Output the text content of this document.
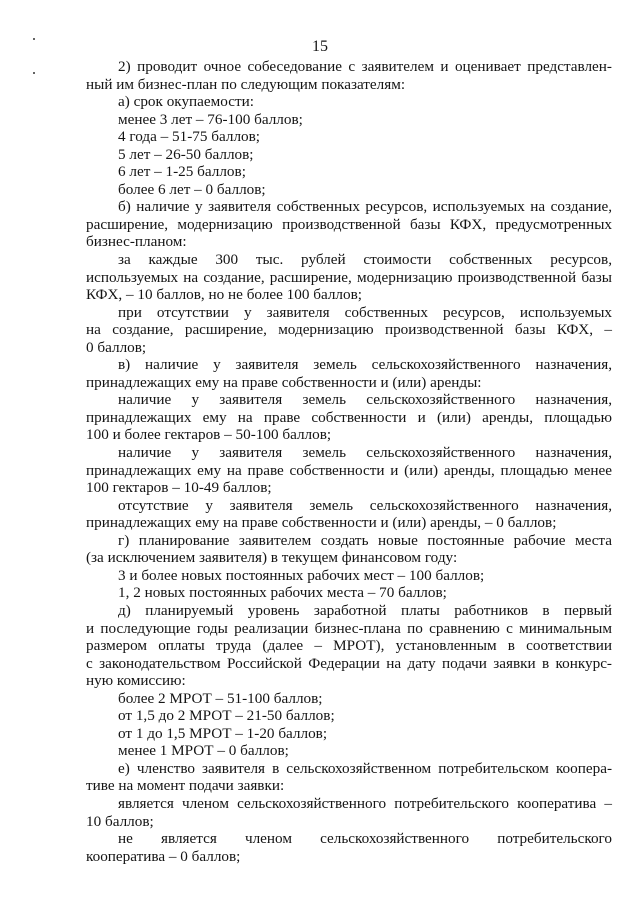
15
2) проводит очное собеседование с заявителем и оценивает представлен-
ный им бизнес-план по следующим показателям:
а) срок окупаемости:
менее 3 лет – 76-100 баллов;
4 года – 51-75 баллов;
5 лет – 26-50 баллов;
6 лет – 1-25 баллов;
более 6 лет – 0 баллов;
б) наличие у заявителя собственных ресурсов, используемых на создание,
расширение, модернизацию производственной базы КФХ, предусмотренных
бизнес-планом:
за каждые 300 тыс. рублей стоимости собственных ресурсов,
используемых на создание, расширение, модернизацию производственной базы
КФХ, – 10 баллов, но не более 100 баллов;
при отсутствии у заявителя собственных ресурсов, используемых
на создание, расширение, модернизацию производственной базы КФХ, –
0 баллов;
в) наличие у заявителя земель сельскохозяйственного назначения,
принадлежащих ему на праве собственности и (или) аренды:
наличие у заявителя земель сельскохозяйственного назначения,
принадлежащих ему на праве собственности и (или) аренды, площадью
100 и более гектаров – 50-100 баллов;
наличие у заявителя земель сельскохозяйственного назначения,
принадлежащих ему на праве собственности и (или) аренды, площадью менее
100 гектаров – 10-49 баллов;
отсутствие у заявителя земель сельскохозяйственного назначения,
принадлежащих ему на праве собственности и (или) аренды, – 0 баллов;
г) планирование заявителем создать новые постоянные рабочие места
(за исключением заявителя) в текущем финансовом году:
3 и более новых постоянных рабочих мест – 100 баллов;
1, 2 новых постоянных рабочих места – 70 баллов;
д) планируемый уровень заработной платы работников в первый
и последующие годы реализации бизнес-плана по сравнению с минимальным
размером оплаты труда (далее – МРОТ), установленным в соответствии
с законодательством Российской Федерации на дату подачи заявки в конкурс-
ную комиссию:
более 2 МРОТ – 51-100 баллов;
от 1,5 до 2 МРОТ – 21-50 баллов;
от 1 до 1,5 МРОТ – 1-20 баллов;
менее 1 МРОТ – 0 баллов;
е) членство заявителя в сельскохозяйственном потребительском коопера-
тиве на момент подачи заявки:
является членом сельскохозяйственного потребительского кооператива –
10 баллов;
не является членом сельскохозяйственного потребительского
кооператива – 0 баллов;
